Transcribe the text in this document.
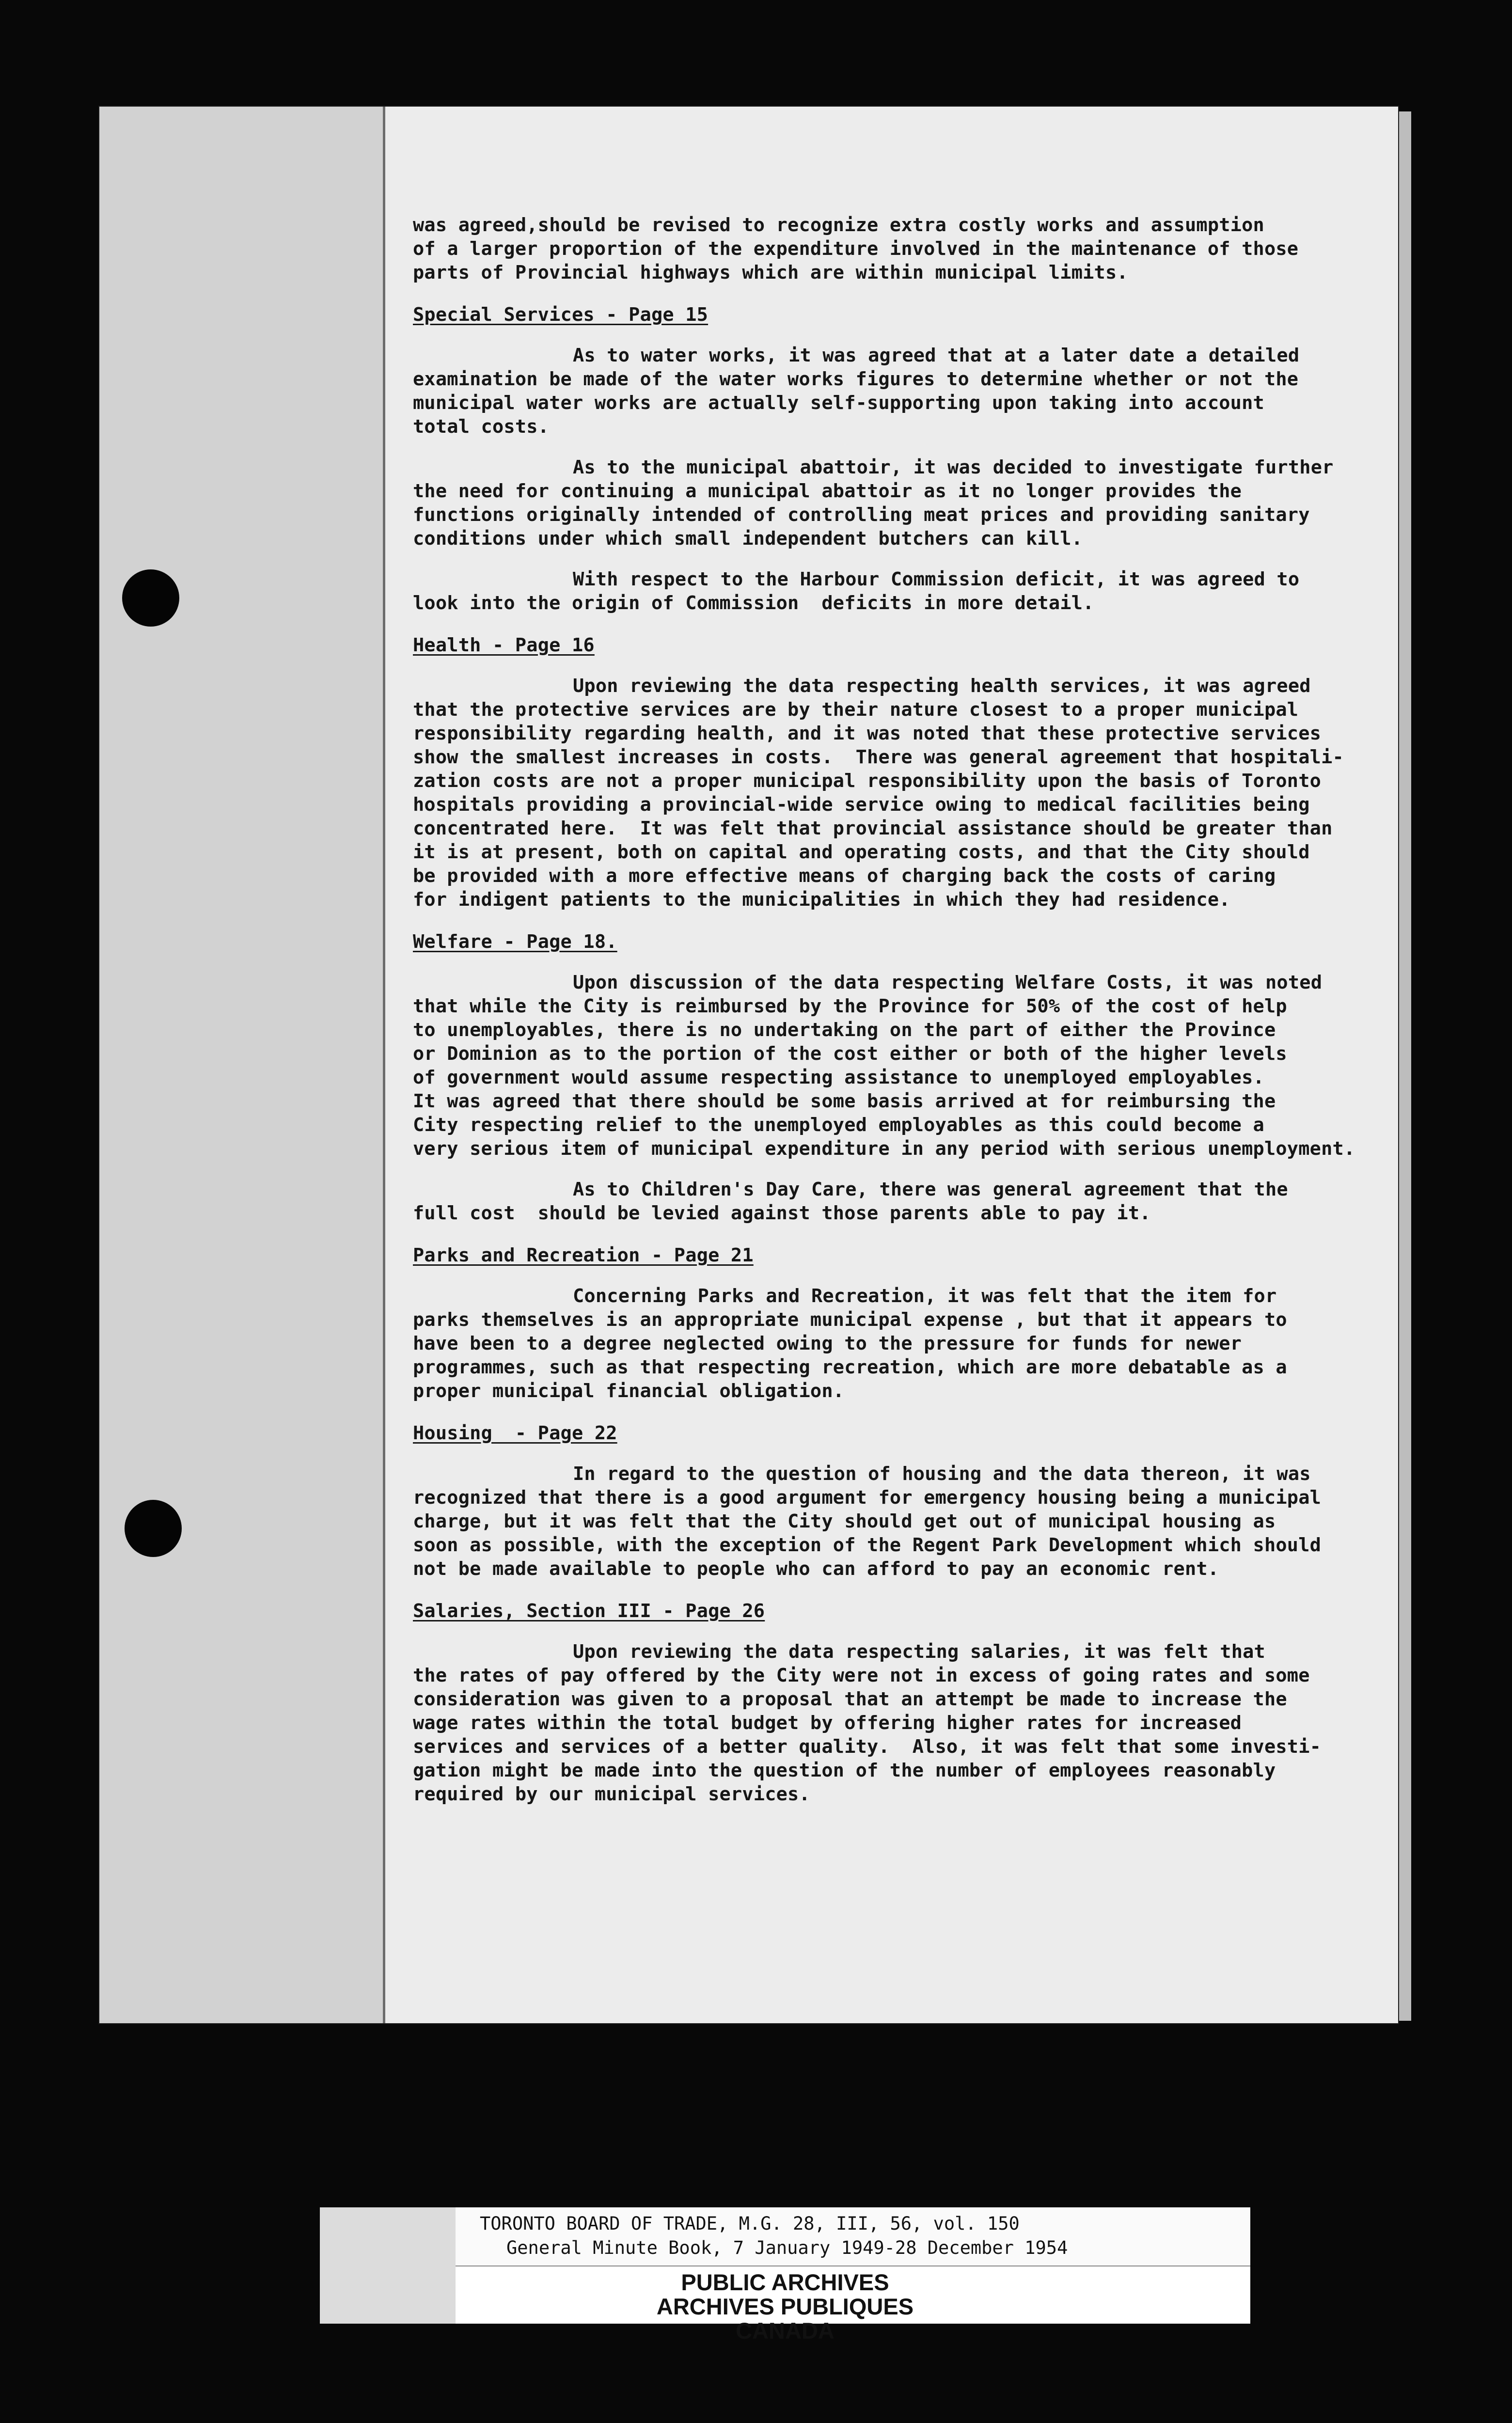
was agreed,should be revised to recognize extra costly works and assumption
of a larger proportion of the expenditure involved in the maintenance of those
parts of Provincial highways which are within municipal limits.
Special Services - Page 15
As to water works, it was agreed that at a later date a detailed
examination be made of the water works figures to determine whether or not the
municipal water works are actually self-supporting upon taking into account
total costs.
As to the municipal abattoir, it was decided to investigate further
the need for continuing a municipal abattoir as it no longer provides the
functions originally intended of controlling meat prices and providing sanitary
conditions under which small independent butchers can kill.
With respect to the Harbour Commission deficit, it was agreed to
look into the origin of Commission  deficits in more detail.
Health - Page 16
Upon reviewing the data respecting health services, it was agreed
that the protective services are by their nature closest to a proper municipal
responsibility regarding health, and it was noted that these protective services
show the smallest increases in costs.  There was general agreement that hospitali-
zation costs are not a proper municipal responsibility upon the basis of Toronto
hospitals providing a provincial-wide service owing to medical facilities being
concentrated here.  It was felt that provincial assistance should be greater than
it is at present, both on capital and operating costs, and that the City should
be provided with a more effective means of charging back the costs of caring
for indigent patients to the municipalities in which they had residence.
Welfare - Page 18.
Upon discussion of the data respecting Welfare Costs, it was noted
that while the City is reimbursed by the Province for 50% of the cost of help
to unemployables, there is no undertaking on the part of either the Province
or Dominion as to the portion of the cost either or both of the higher levels
of government would assume respecting assistance to unemployed employables.
It was agreed that there should be some basis arrived at for reimbursing the
City respecting relief to the unemployed employables as this could become a
very serious item of municipal expenditure in any period with serious unemployment.
As to Children's Day Care, there was general agreement that the
full cost  should be levied against those parents able to pay it.
Parks and Recreation - Page 21
Concerning Parks and Recreation, it was felt that the item for
parks themselves is an appropriate municipal expense , but that it appears to
have been to a degree neglected owing to the pressure for funds for newer
programmes, such as that respecting recreation, which are more debatable as a
proper municipal financial obligation.
Housing  - Page 22
In regard to the question of housing and the data thereon, it was
recognized that there is a good argument for emergency housing being a municipal
charge, but it was felt that the City should get out of municipal housing as
soon as possible, with the exception of the Regent Park Development which should
not be made available to people who can afford to pay an economic rent.
Salaries, Section III - Page 26
Upon reviewing the data respecting salaries, it was felt that
the rates of pay offered by the City were not in excess of going rates and some
consideration was given to a proposal that an attempt be made to increase the
wage rates within the total budget by offering higher rates for increased
services and services of a better quality.  Also, it was felt that some investi-
gation might be made into the question of the number of employees reasonably
required by our municipal services.
TORONTO BOARD OF TRADE, M.G. 28, III, 56, vol. 150
General Minute Book, 7 January 1949-28 December 1954
PUBLIC ARCHIVES
ARCHIVES PUBLIQUES
CANADA
